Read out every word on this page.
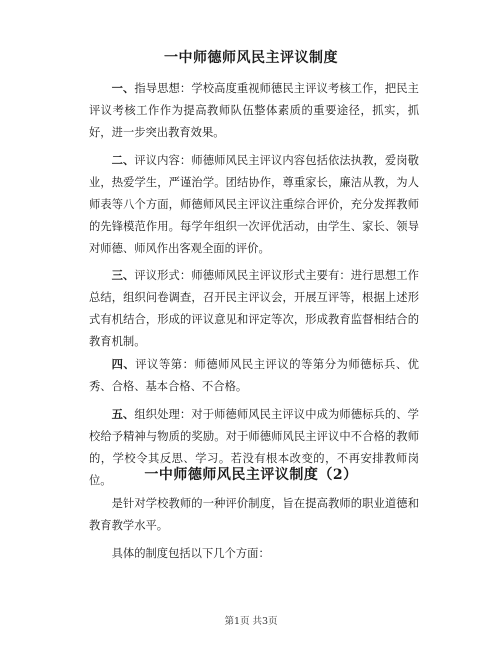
一中师德师风民主评议制度

一、指导思想：学校高度重视师德民主评议考核工作，把民主评议考核工作作为提高教师队伍整体素质的重要途径，抓实，抓好，进一步突出教育效果。

二、评议内容：师德师风民主评议内容包括依法执教，爱岗敬业，热爱学生，严谨治学。团结协作，尊重家长，廉洁从教，为人师表等八个方面，师德师风民主评议注重综合评价，充分发挥教师的先锋模范作用。每学年组织一次评优活动，由学生、家长、领导对师德、师风作出客观全面的评价。

三、评议形式：师德师风民主评议形式主要有：进行思想工作总结，组织问卷调查，召开民主评议会，开展互评等，根据上述形式有机结合，形成的评议意见和评定等次，形成教育监督相结合的教育机制。

四、评议等第：师德师风民主评议的等第分为师德标兵、优秀、合格、基本合格、不合格。

五、组织处理：对于师德师风民主评议中成为师德标兵的、学校给予精神与物质的奖励。对于师德师风民主评议中不合格的教师的，学校令其反思、学习。若没有根本改变的，不再安排教师岗位。	一中师德师风民主评议制度（2）

是针对学校教师的一种评价制度，旨在提高教师的职业道德和教育教学水平。

具体的制度包括以下几个方面：

第1页 共3页
